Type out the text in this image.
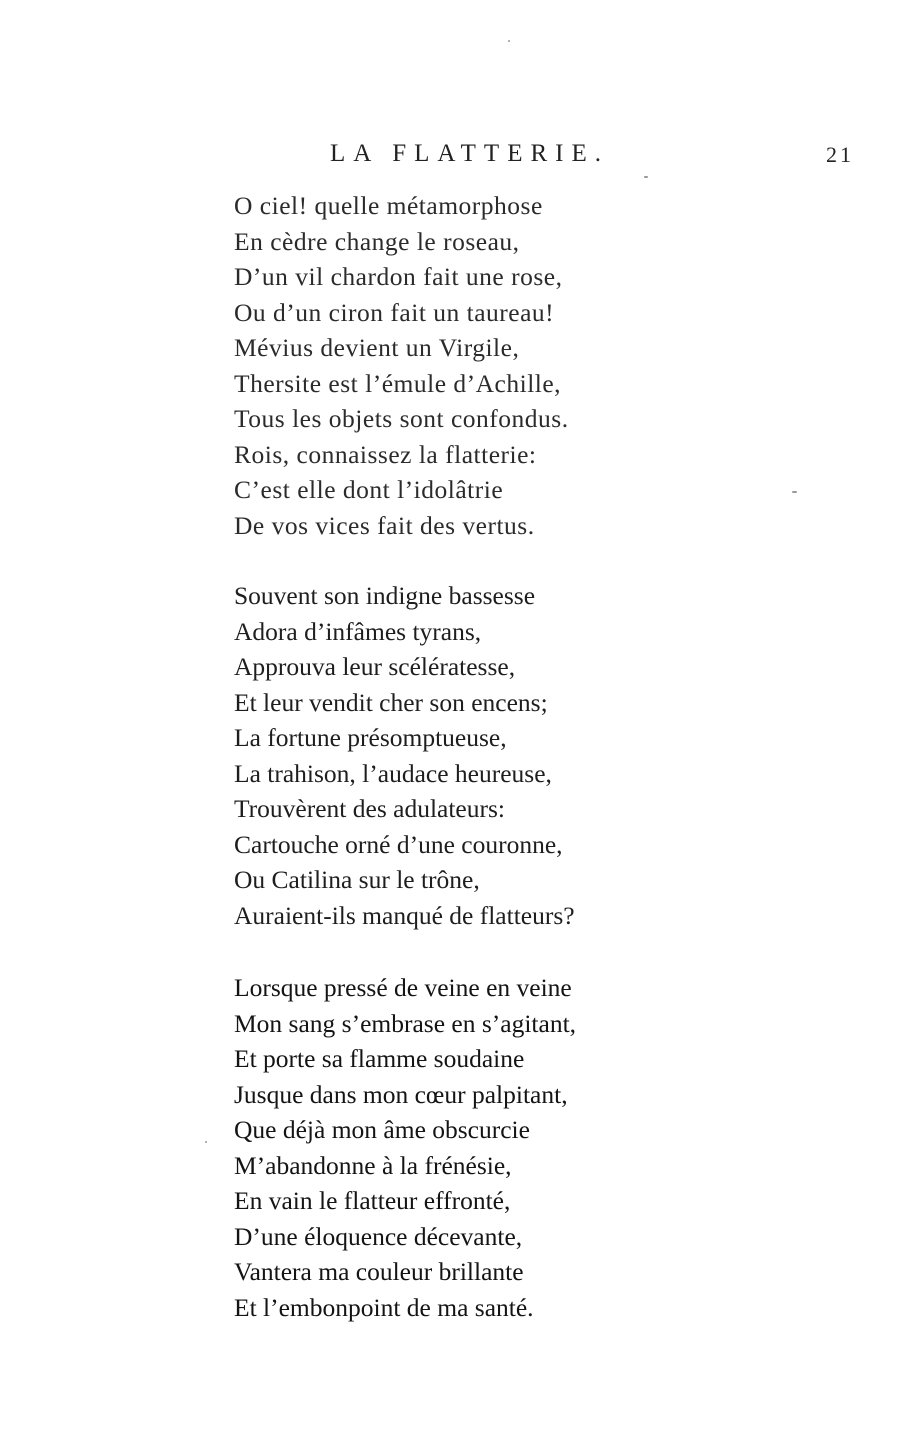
LA FLATTERIE.	21
O ciel! quelle métamorphose
En cèdre change le roseau,
D’un vil chardon fait une rose,
Ou d’un ciron fait un taureau!
Mévius devient un Virgile,
Thersite est l’émule d’Achille,
Tous les objets sont confondus.
Rois, connaissez la flatterie:
C’est elle dont l’idolâtrie
De vos vices fait des vertus.
Souvent son indigne bassesse
Adora d’infâmes tyrans,
Approuva leur scélératesse,
Et leur vendit cher son encens;
La fortune présomptueuse,
La trahison, l’audace heureuse,
Trouvèrent des adulateurs:
Cartouche orné d’une couronne,
Ou Catilina sur le trône,
Auraient-ils manqué de flatteurs?
Lorsque pressé de veine en veine
Mon sang s’embrase en s’agitant,
Et porte sa flamme soudaine
Jusque dans mon cœur palpitant,
Que déjà mon âme obscurcie
M’abandonne à la frénésie,
En vain le flatteur effronté,
D’une éloquence décevante,
Vantera ma couleur brillante
Et l’embonpoint de ma santé.
